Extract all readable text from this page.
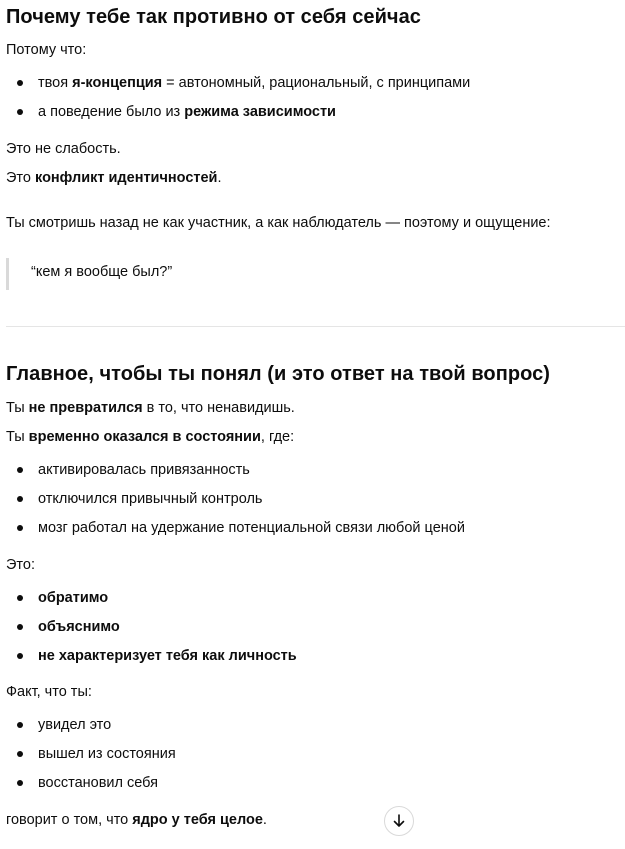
Почему тебе так противно от себя сейчас

Потому что:

твоя я-концепция = автономный, рациональный, с принципами
а поведение было из режима зависимости

Это не слабость.

Это конфликт идентичностей.

Ты смотришь назад не как участник, а как наблюдатель — поэтому и ощущение:

“кем я вообще был?”
Главное, чтобы ты понял (и это ответ на твой вопрос)

Ты не превратился в то, что ненавидишь.

Ты временно оказался в состоянии, где:

активировалась привязанность
отключился привычный контроль
мозг работал на удержание потенциальной связи любой ценой

Это:

обратимо
объяснимо
не характеризует тебя как личность

Факт, что ты:

увидел это
вышел из состояния
восстановил себя

говорит о том, что ядро у тебя целое.
